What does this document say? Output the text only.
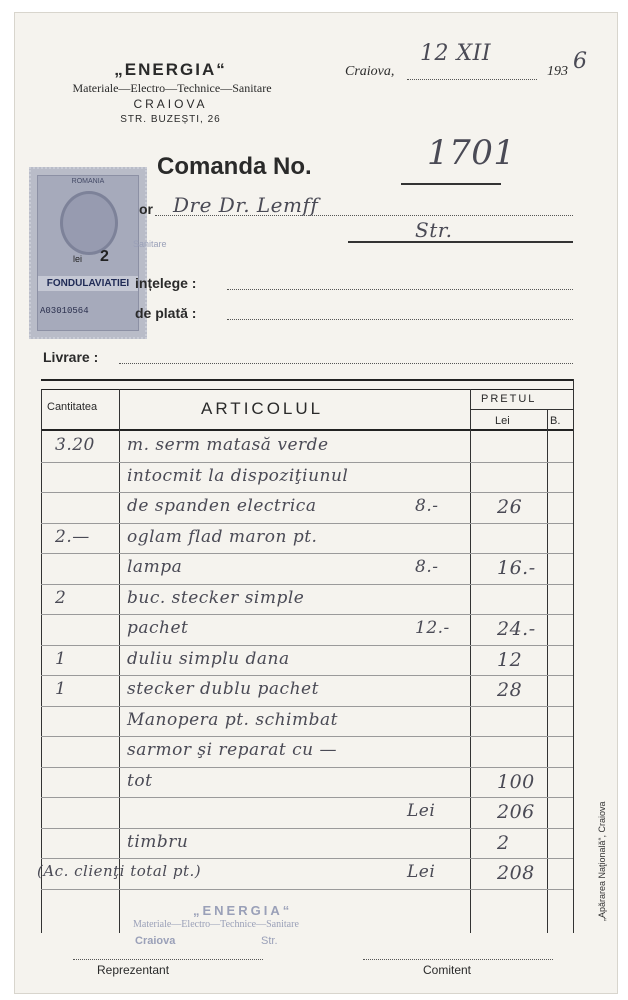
„ENERGIA“
Materiale—Electro—Technice—Sanitare
CRAIOVA
STR. BUZEȘTI, 26
Craiova,
12 XII
193 6
Comanda No.	1701
ROMANIA
lei 2
FONDULAVIATIEI
A03010564
Sanitare
or Dre Dr. Lemff
Str.
ințelege :
de plată :
Livrare :
Cantitatea	ARTICOLUL	PRETUL
Lei	B.
3.20 m. serm matasă verde
intocmit la dispoziţiunul
de spanden electrica	8.-	26
2.— oglam flad maron pt.
lampa	8.-	16.-
2	buc. stecker simple
pachet	12.- 24.-
1	duliu simplu dana	12
1	stecker dublu pachet	28
Manopera pt. schimbat
sarmor şi reparat cu —
tot	100
Lei	206
timbru	2
(Ac. clienţi total pt.)	Lei	208
„ENERGIA“
Materiale—Electro—Technice—Sanitare
Craiova	Str.
„Apărarea Naţională“, Craiova
Reprezentant	Comitent
